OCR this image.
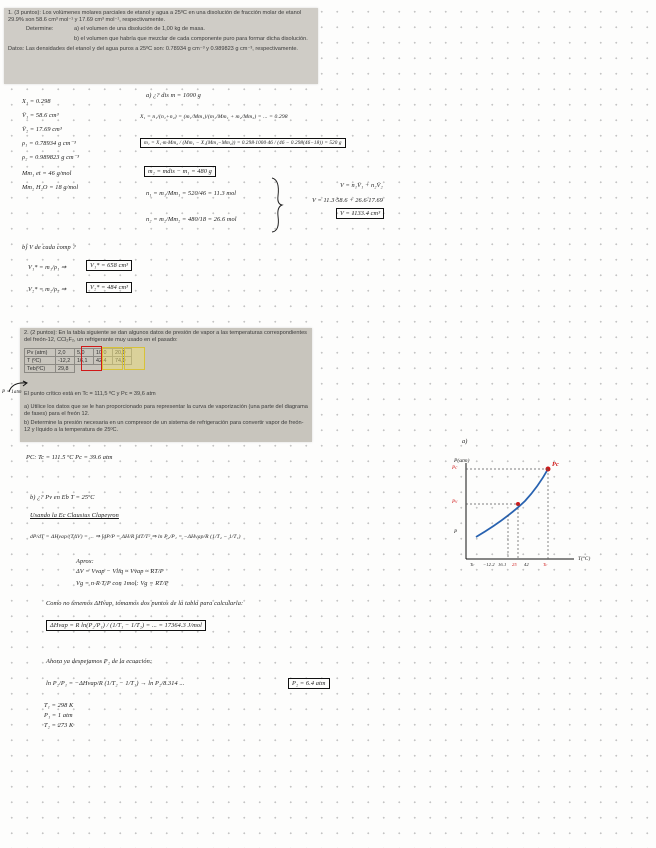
1. (3 puntos): Los volúmenes molares parciales de etanol y agua a 25ºC en una disolución de fracción molar de etanol 29.9% son 58.6 cm³ mol⁻¹ y 17.69 cm³ mol⁻¹, respectivamente.
Determine:	a) el volumen de una disolución de 1,00 kg de masa.
b) el volumen que habría que mezclar de cada componente puro para formar dicha disolución.
Datos: Las densidades del etanol y del agua puros a 25ºC son: 0.78934 g cm⁻³ y 0.989823 g cm⁻³, respectivamente.
X₁ = 0.298
V̄₁ = 58.6 cm³
V̄₂ = 17.69 cm³
ρ₁ = 0.78934 g cm⁻³
ρ₂ = 0.989823 g cm⁻³
Mm₁ et = 46 g/mol
Mm₂ H₂O = 18 g/mol
a) ¿? dis m = 1000 g
X₁ = n₁/(n₁+n₂) = (m₁/Mm₁)/(m₁/Mm₁ + m₂/Mm₂) = ... = 0.298
m₁ = X₁·m·Mm₂ / (Mm₁ − X₁(Mm₁−Mm₂)) = 0.298·1000·46 / (46 − 0.298(46−18)) = 520 g
m₂ = mdis − m₁ = 480 g
n₁ = m₁/Mm₁ = 520/46 = 11.3 mol
n₂ = m₂/Mm₂ = 480/18 = 26.6 mol
V = n₁V̄₁ + n₂V̄₂
V = 11.3·58.6 + 26.6·17.69
V = 1133.4 cm³
b) V de cada comp ?
V₁* = 658 cm³
V₂* = 484 cm³
V₁* = m₁/ρ₁ ⇒
V₂* = m₂/ρ₂ ⇒
2. (2 puntos): En la tabla siguiente se dan algunos datos de presión de vapor a las temperaturas correspondientes del freón-12, CCl₂F₂, un refrigerante muy usado en el pasado:
Pv (atm)	2,0	5,0	10,0	20,0
T (ºC)	-12,2	16,1	42,4	74,0
Teb(ºC)	29,8			
El punto crítico está en Tc = 111,5 ºC y Pc = 39,6 atm
a) Utilice los datos que se le han proporcionado para representar la curva de vaporización (una parte del diagrama de fases) para el freón 12.
b) Determine la presión necesaria en un compresor de un sistema de refrigeración para convertir vapor de freón-12 y líquido a la temperatura de 25ºC.
P = 1atm
PC: Tc = 111.5 ºC Pc = 39.6 atm
a)
b) ¿? Pv en Eb T = 25ºC
Usando la Ec Clausius Clapeyron
dP/dT = ΔHvap/(TΔV) = ... ⇒ ∫dP/P = ΔH/R ∫dT/T² ⇒ ln P₂/P₁ = −ΔHvap/R (1/T₂ − 1/T₁)
Aprox:
ΔV = Vvap − Vliq ≈ Vvap ≈ RT/P
Vg = n·R·T/P con 1mol: Vg = RT/P
Como no tenemos ΔHvap, tomamos dos puntos de la tabla para calcularla:
ΔHvap = R ln(P₂/P₁) / (1/T₁ − 1/T₂) = ... = 17364.3 J/mol
Ahora ya despejamos P₂ de la ecuación:
ln P₂/P₁ = −ΔHvap/R (1/T₂ − 1/T₁) → ln P₂/8.314 ...	P₂ = 6.4 atm
T₁ = 298 K
P₁ = 1 atm
T₂ = 273 K
P(atm)
T(ºC)
Pc
Pc
Pv
P
Tc −12.2 16.1 25 42	Tc
